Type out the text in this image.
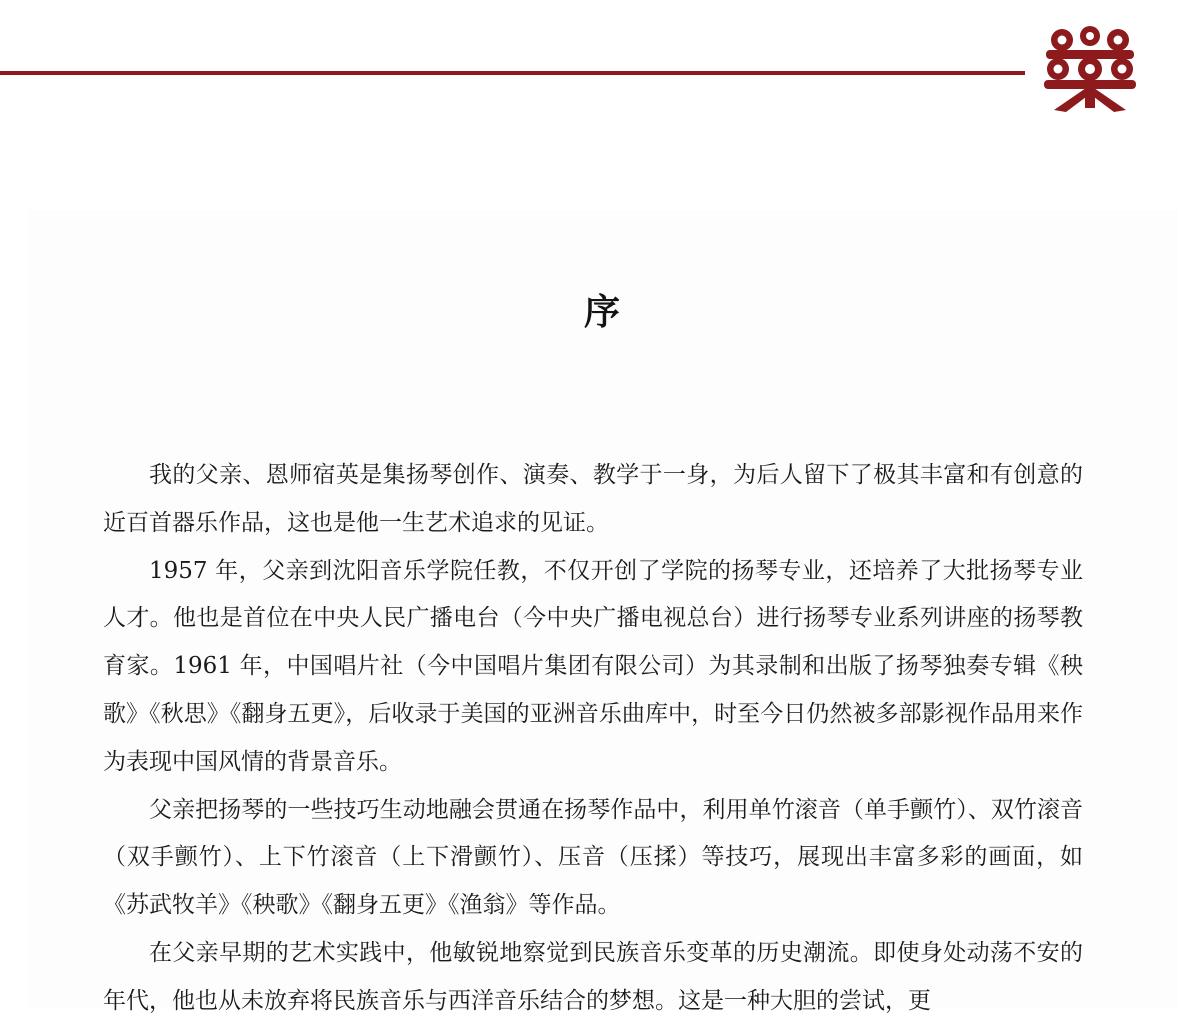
序

我的父亲、恩师宿英是集扬琴创作、演奏、教学于一身，为后人留下了极其丰富和有创意的近百首器乐作品，这也是他一生艺术追求的见证。

1957 年，父亲到沈阳音乐学院任教，不仅开创了学院的扬琴专业，还培养了大批扬琴专业人才。他也是首位在中央人民广播电台（今中央广播电视总台）进行扬琴专业系列讲座的扬琴教育家。1961 年，中国唱片社（今中国唱片集团有限公司）为其录制和出版了扬琴独奏专辑《秧歌》《秋思》《翻身五更》，后收录于美国的亚洲音乐曲库中，时至今日仍然被多部影视作品用来作为表现中国风情的背景音乐。

父亲把扬琴的一些技巧生动地融会贯通在扬琴作品中，利用单竹滚音（单手颤竹）、双竹滚音（双手颤竹）、上下竹滚音（上下滑颤竹）、压音（压揉）等技巧，展现出丰富多彩的画面，如《苏武牧羊》《秧歌》《翻身五更》《渔翁》等作品。

在父亲早期的艺术实践中，他敏锐地察觉到民族音乐变革的历史潮流。即使身处动荡不安的年代，他也从未放弃将民族音乐与西洋音乐结合的梦想。这是一种大胆的尝试，更
